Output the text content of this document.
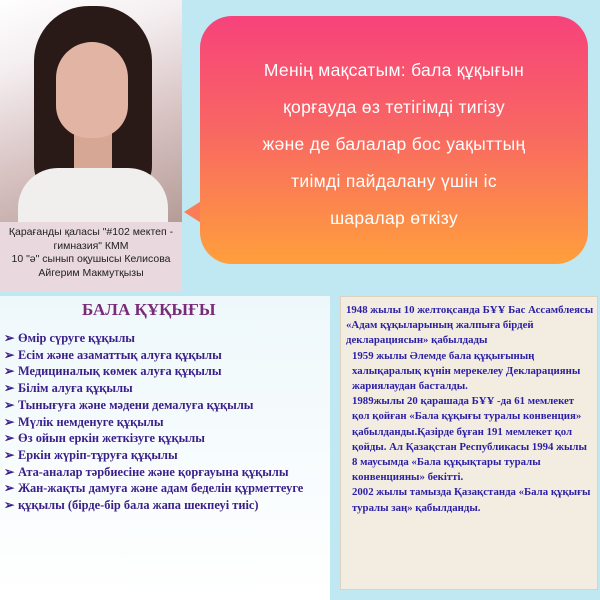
Қарағанды қаласы "#102 мектеп -
гимназия" КММ
10 "ә" сынып оқушысы Келисова
Айгерим Макмутқызы
Менің мақсатым: бала құқығын
қорғауда өз тетігімді тигізу
және де балалар бос уақыттың
тиімді пайдалану үшін іс
шаралар өткізу
БАЛА ҚҰҚЫҒЫ
➢ Өмір сүруге құқылы
➢ Есім және азаматтық алуға құқылы
➢ Медициналық көмек алуға құқылы
➢ Білім алуға құқылы
➢ Тынығуға және мәдени демалуға құқылы
➢ Мүлік немденуге құқылы
➢ Өз ойын еркін жеткізуге құқылы
➢ Еркін жүріп-тұруға құқылы
➢ Ата-аналар тәрбиесіне және қорғауына құқылы
➢ Жан-жақты дамуға және адам беделін құрметтеуге
➢ құқылы (бірде-бір бала жапа шекпеуі тиіс)

1948 жылы 10 желтоқсанда БҰҰ Бас Ассамблеясы «Адам құқыларының жалпыға бірдей декларациясын» қабылдады

1959 жылы Әлемде бала құқығының халықаралық күнін мерекелеу Декларацияны жариялаудан басталды.

1989жылы 20 қарашада БҰҰ -да 61 мемлекет қол қойған «Бала құқығы туралы конвенция» қабылданды.Қазірде бұған 191 мемлекет қол қойды. Ал Қазақстан Республикасы 1994 жылы 8 маусымда «Бала құқықтары туралы конвенцияны» бекітті.

2002 жылы тамызда Қазақстанда «Бала құқығы туралы заң» қабылданды.
